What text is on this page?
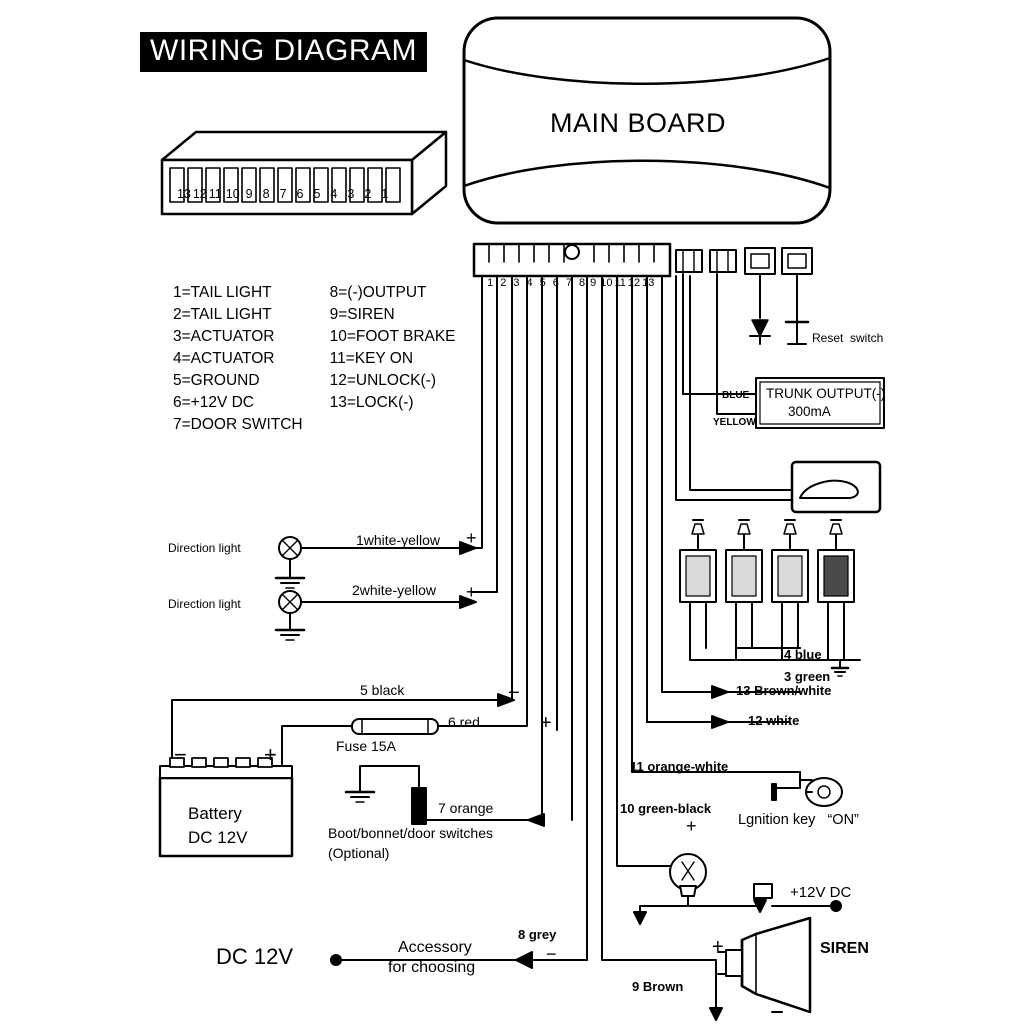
WIRING DIAGRAM
MAIN BOARD

13 12 11 10 9 8 7 6 5 4 3 2 1

1 2 3 4 5 6 7 8 9 10 11 12 13

1=TAIL LIGHT	8=(-)OUTPUT
2=TAIL LIGHT	9=SIREN
3=ACTUATOR	10=FOOT BRAKE
4=ACTUATOR	11=KEY ON
5=GROUND	12=UNLOCK(-)
6=+12V DC	13=LOCK(-)
7=DOOR SWITCH	
Reset  switch
BLUE
YELLOW
TRUNK OUTPUT(-)
300mA
Direction light
Direction light
1white-yellow
2white-yellow
+
+
4 blue
3 green
13 Brown/white
12 white
5 black
6 red
−
+
Fuse 15A
−	+
Battery
DC 12V
7 orange
Boot/bonnet/door switches
(Optional)
11 orange-white
10 green-black
+	Lgnition key   “ON”
+12V DC
8 grey
−
Accessory
for choosing
DC 12V
9 Brown
+	SIREN
